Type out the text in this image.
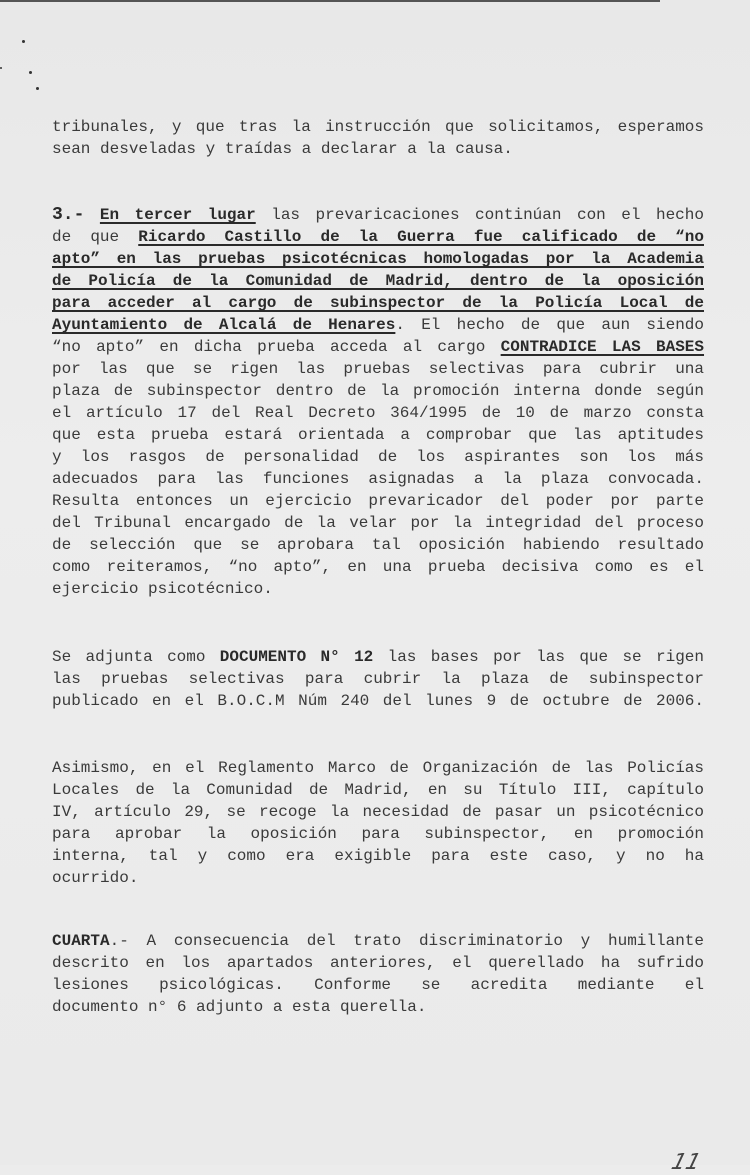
tribunales, y que tras la instrucción que solicitamos, esperamos
sean desveladas y traídas a declarar a la causa.
3.- En tercer lugar las prevaricaciones continúan con el hecho
de que Ricardo Castillo de la Guerra fue calificado de “no
apto” en las pruebas psicotécnicas homologadas por la Academia
de Policía de la Comunidad de Madrid, dentro de la oposición
para acceder al cargo de subinspector de la Policía Local de
Ayuntamiento de Alcalá de Henares. El hecho de que aun siendo
“no apto” en dicha prueba acceda al cargo CONTRADICE LAS BASES
por las que se rigen las pruebas selectivas para cubrir una
plaza de subinspector dentro de la promoción interna donde según
el artículo 17 del Real Decreto 364/1995 de 10 de marzo consta
que esta prueba estará orientada a comprobar que las aptitudes
y los rasgos de personalidad de los aspirantes son los más
adecuados para las funciones asignadas a la plaza convocada.
Resulta entonces un ejercicio prevaricador del poder por parte
del Tribunal encargado de la velar por la integridad del proceso
de selección que se aprobara tal oposición habiendo resultado
como reiteramos, “no apto”, en una prueba decisiva como es el
ejercicio psicotécnico.
Se adjunta como DOCUMENTO N° 12 las bases por las que se rigen
las pruebas selectivas para cubrir la plaza de subinspector
publicado en el B.O.C.M Núm 240 del lunes 9 de octubre de 2006.
Asimismo, en el Reglamento Marco de Organización de las Policías
Locales de la Comunidad de Madrid, en su Título III, capítulo
IV, artículo 29, se recoge la necesidad de pasar un psicotécnico
para aprobar la oposición para subinspector, en promoción
interna, tal y como era exigible para este caso, y no ha
ocurrido.
CUARTA.- A consecuencia del trato discriminatorio y humillante
descrito en los apartados anteriores, el querellado ha sufrido
lesiones psicológicas. Conforme se acredita mediante el
documento n° 6 adjunto a esta querella.
11
